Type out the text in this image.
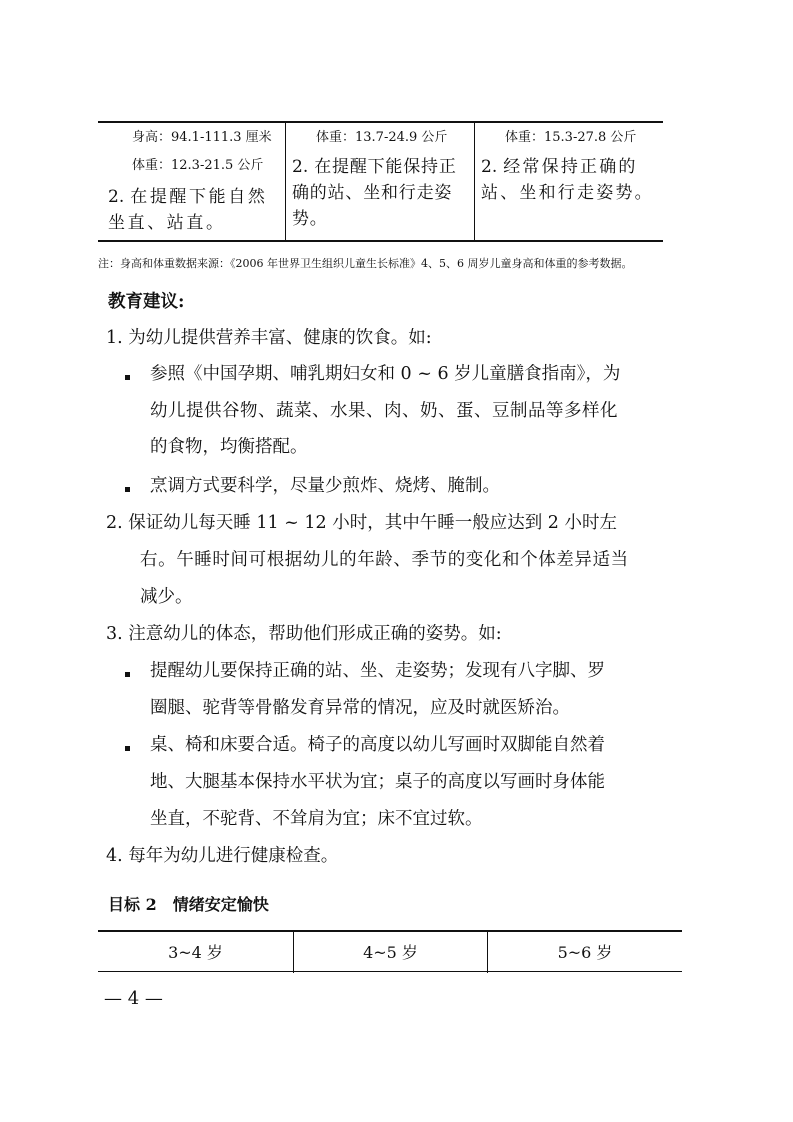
身高：94.1-111.3 厘米
体重：12.3-21.5 公斤
2. 在提醒下能自然坐直、站直。
体重：13.7-24.9 公斤
2. 在提醒下能保持正确的站、坐和行走姿势。
体重：15.3-27.8 公斤
2. 经常保持正确的站、坐和行走姿势。
注：身高和体重数据来源：《2006 年世界卫生组织儿童生长标准》4、5、6 周岁儿童身高和体重的参考数据。
教育建议:
1. 为幼儿提供营养丰富、健康的饮食。如:
参照《中国孕期、哺乳期妇女和 0 ~ 6 岁儿童膳食指南》，为
幼儿提供谷物、蔬菜、水果、肉、奶、蛋、豆制品等多样化
的食物，均衡搭配。
烹调方式要科学，尽量少煎炸、烧烤、腌制。
2. 保证幼儿每天睡 11 ~ 12 小时，其中午睡一般应达到 2 小时左
右。午睡时间可根据幼儿的年龄、季节的变化和个体差异适当
减少。
3. 注意幼儿的体态，帮助他们形成正确的姿势。如:
提醒幼儿要保持正确的站、坐、走姿势；发现有八字脚、罗
圈腿、驼背等骨骼发育异常的情况，应及时就医矫治。
桌、椅和床要合适。椅子的高度以幼儿写画时双脚能自然着
地、大腿基本保持水平状为宜；桌子的高度以写画时身体能
坐直，不驼背、不耸肩为宜；床不宜过软。
4. 每年为幼儿进行健康检查。
目标 2　情绪安定愉快
3~4 岁	4~5 岁	5~6 岁
— 4 —
